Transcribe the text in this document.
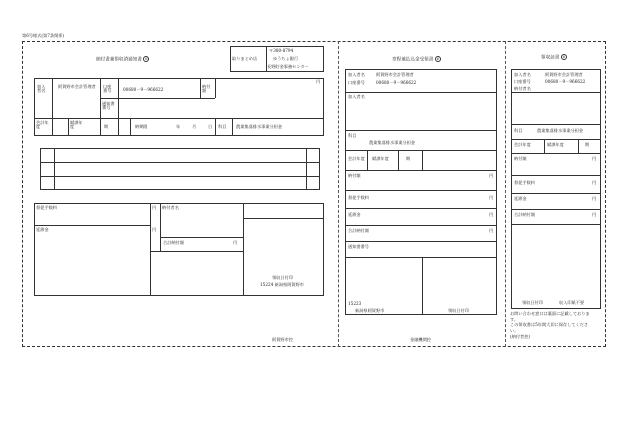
第6号様式(第7条関係)
納付書兼領収済通知書 6	取りまとめ店
〒380-8794
ゆうちょ銀行
長野貯金事務センター
円
加入者名
阿賀野市会計管理者	口座番号	00680－9－966622
納付額
通知書番号
会計年度
賦課年度	期	納期限	年	月	日 科目 農業集落排水事業分担金
督促手数料	円
延滞金	円
納付者名
合計納付額	円
領収日付印
15224 新潟県阿賀野市
阿賀野市控
章程兼払込金受領書 6
加入者名	阿賀野市会計管理者
口座番号	00680－9－966622
加入者名
科目
農業集落排水事業分担金
会計年度 賦課年度	期
納付額	円
督促手数料	円
延滞金	円
合計納付額	円
通知書番号
15223
新潟県阿賀野市	領収日付印
金融機関控
領収証書 6
加入者名	阿賀野市会計管理者
口座番号	00680－9－966622
納付者名
科目	農業集落排水事業分担金
会計年度	賦課年度	期
納付額	円
督促手数料	円
延滞金	円
合計納付額	円
領収日付印	収入印紙不要
お問い合わせ窓口は裏面に記載しておりま
す。
この領収書は5年間大切に保存してくださ
い。
(納付者控)
